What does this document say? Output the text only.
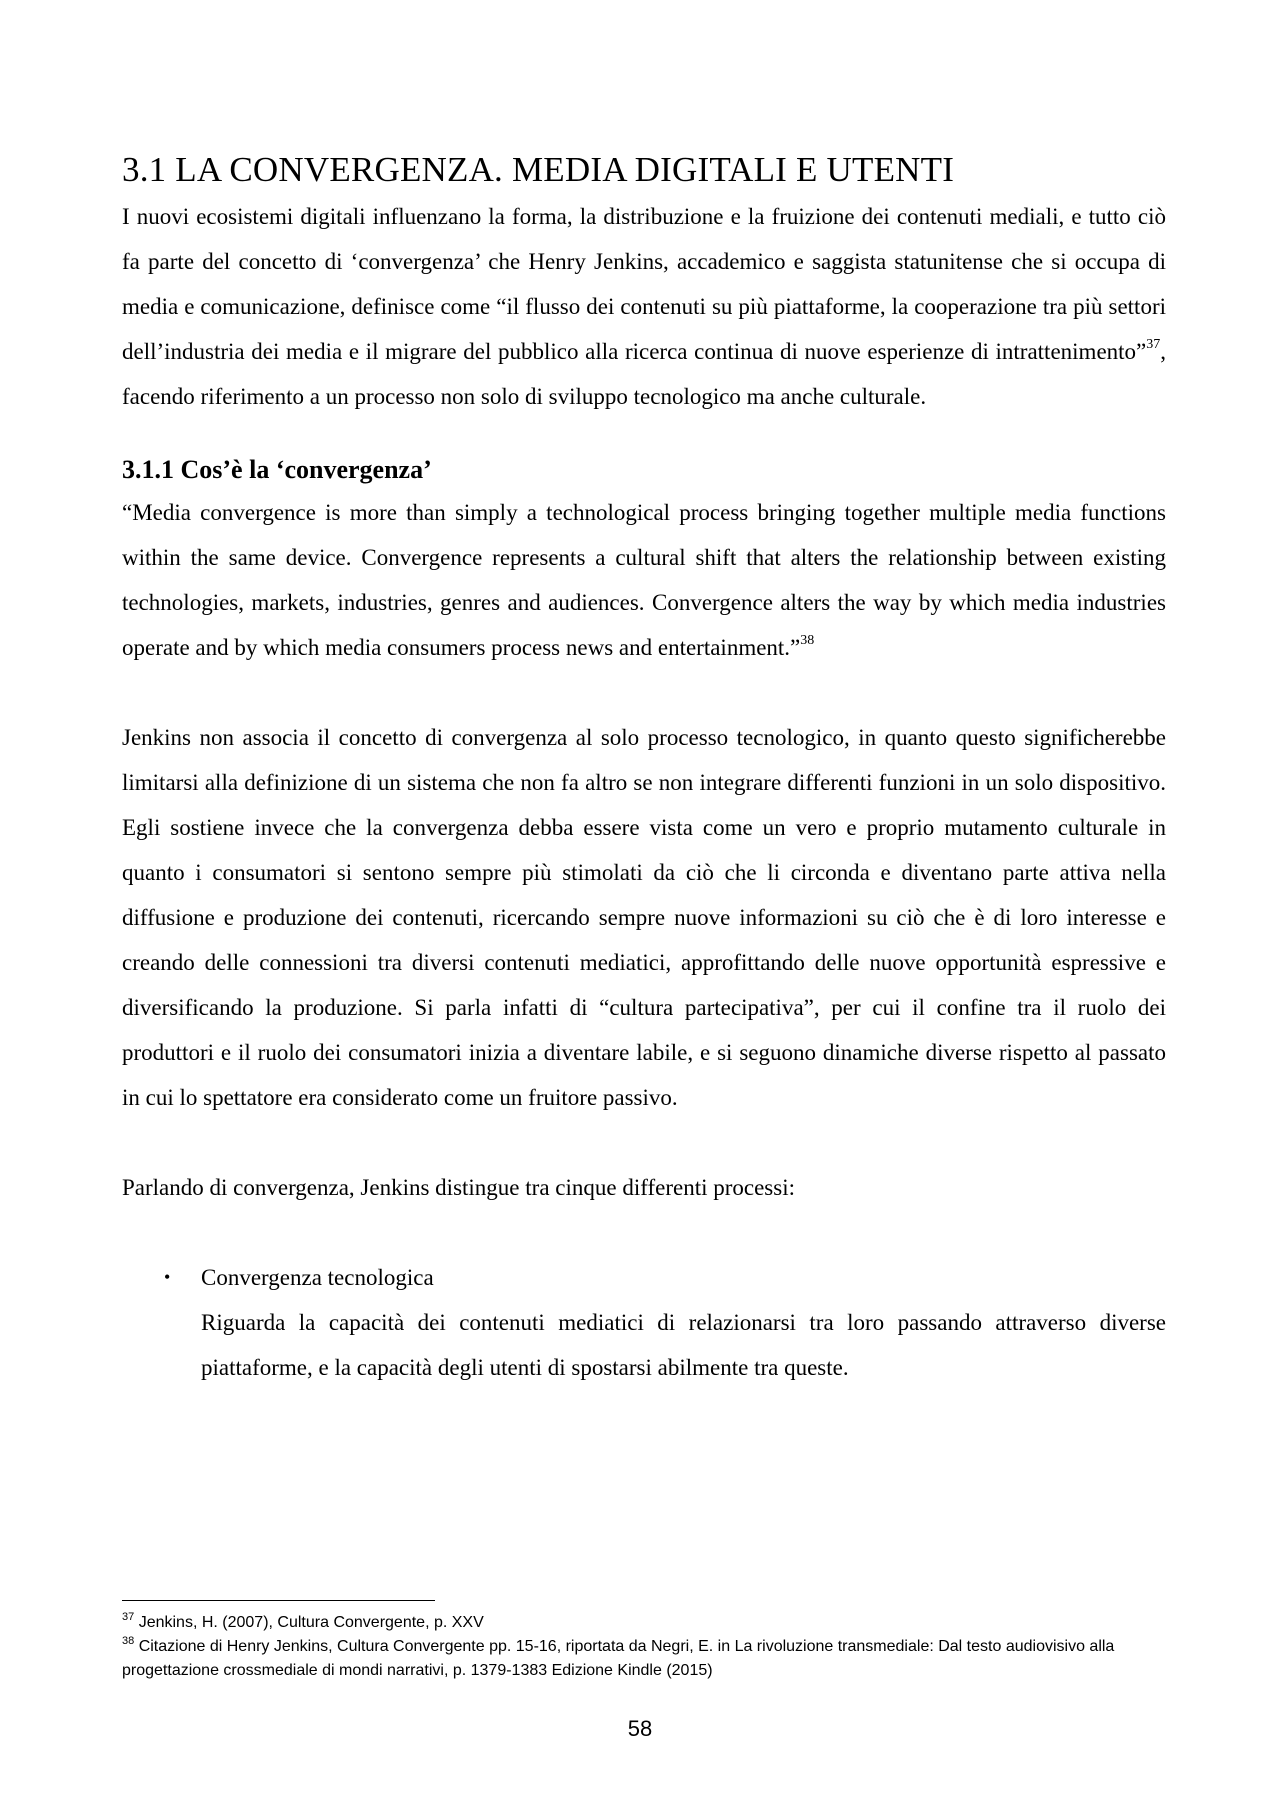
3.1 LA CONVERGENZA. MEDIA DIGITALI E UTENTI

I nuovi ecosistemi digitali influenzano la forma, la distribuzione e la fruizione dei contenuti mediali, e tutto ciò fa parte del concetto di ‘convergenza’ che Henry Jenkins, accademico e saggista statunitense che si occupa di media e comunicazione, definisce come “il flusso dei contenuti su più piattaforme, la cooperazione tra più settori dell’industria dei media e il migrare del pubblico alla ricerca continua di nuove esperienze di intrattenimento”$^{37}$, facendo riferimento a un processo non solo di sviluppo tecnologico ma anche culturale.

3.1.1 Cos’è la ‘convergenza’

“Media convergence is more than simply a technological process bringing together multiple media functions within the same device. Convergence represents a cultural shift that alters the relationship between existing technologies, markets, industries, genres and audiences. Convergence alters the way by which media industries operate and by which media consumers process news and entertainment.”$^{38}$

Jenkins non associa il concetto di convergenza al solo processo tecnologico, in quanto questo significherebbe limitarsi alla definizione di un sistema che non fa altro se non integrare differenti funzioni in un solo dispositivo. Egli sostiene invece che la convergenza debba essere vista come un vero e proprio mutamento culturale in quanto i consumatori si sentono sempre più stimolati da ciò che li circonda e diventano parte attiva nella diffusione e produzione dei contenuti, ricercando sempre nuove informazioni su ciò che è di loro interesse e creando delle connessioni tra diversi contenuti mediatici, approfittando delle nuove opportunità espressive e diversificando la produzione. Si parla infatti di “cultura partecipativa”, per cui il confine tra il ruolo dei produttori e il ruolo dei consumatori inizia a diventare labile, e si seguono dinamiche diverse rispetto al passato in cui lo spettatore era considerato come un fruitore passivo.

Parlando di convergenza, Jenkins distingue tra cinque differenti processi:

• Convergenza tecnologica
Riguarda la capacità dei contenuti mediatici di relazionarsi tra loro passando attraverso diverse piattaforme, e la capacità degli utenti di spostarsi abilmente tra queste.
$^{37}$ Jenkins, H. (2007), Cultura Convergente, p. XXV
$^{38}$ Citazione di Henry Jenkins, Cultura Convergente pp. 15-16, riportata da Negri, E. in La rivoluzione transmediale: Dal testo audiovisivo alla progettazione crossmediale di mondi narrativi, p. 1379-1383 Edizione Kindle (2015)
58
